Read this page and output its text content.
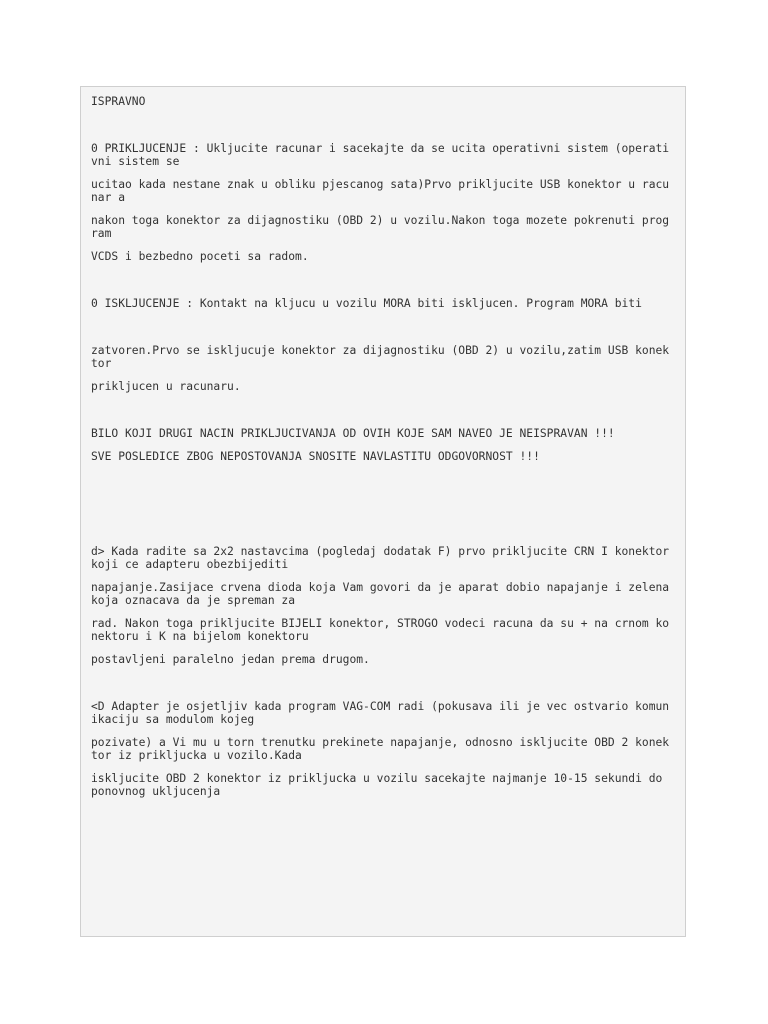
ISPRAVNO

0 PRIKLJUCENJE : Ukljucite racunar i sacekajte da se ucita operativni sistem (operativni sistem se

ucitao kada nestane znak u obliku pjescanog sata)Prvo prikljucite USB konektor u racunar a

nakon toga konektor za dijagnostiku (OBD 2) u vozilu.Nakon toga mozete pokrenuti program

VCDS i bezbedno poceti sa radom.

0 ISKLJUCENJE : Kontakt na kljucu u vozilu MORA biti iskljucen. Program MORA biti

zatvoren.Prvo se iskljucuje konektor za dijagnostiku (OBD 2) u vozilu,zatim USB konektor

prikljucen u racunaru.

BILO KOJI DRUGI NACIN PRIKLJUCIVANJA OD OVIH KOJE SAM NAVEO JE NEISPRAVAN !!!

SVE POSLEDICE ZBOG NEPOSTOVANJA SNOSITE NAVLASTITU ODGOVORNOST !!!

d> Kada radite sa 2x2 nastavcima (pogledaj dodatak F) prvo prikljucite CRN I konektor koji ce adapteru obezbijediti

napajanje.Zasijace crvena dioda koja Vam govori da je aparat dobio napajanje i zelena koja oznacava da je spreman za

rad. Nakon toga prikljucite BIJELI konektor, STROGO vodeci racuna da su + na crnom konektoru i K na bijelom konektoru

postavljeni paralelno jedan prema drugom.

<D Adapter je osjetljiv kada program VAG-COM radi (pokusava ili je vec ostvario komunikaciju sa modulom kojeg

pozivate) a Vi mu u torn trenutku prekinete napajanje, odnosno iskljucite OBD 2 konektor iz prikljucka u vozilo.Kada

iskljucite OBD 2 konektor iz prikljucka u vozilu sacekajte najmanje 10-15 sekundi do ponovnog ukljucenja
